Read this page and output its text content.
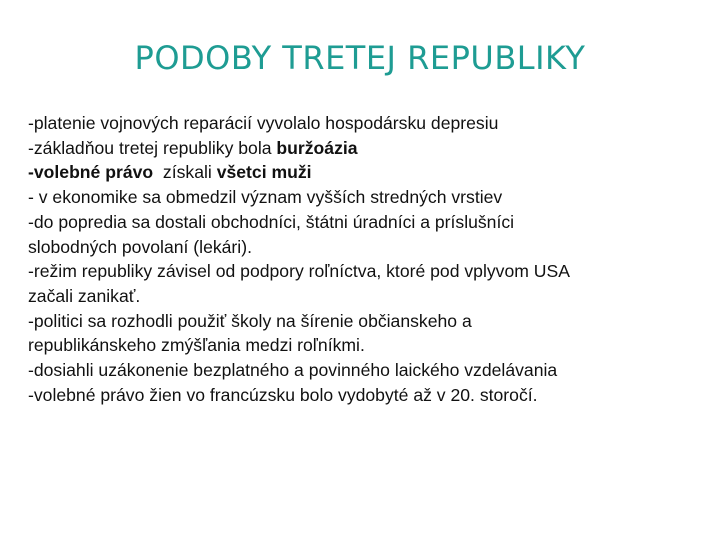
PODOBY TRETEJ REPUBLIKY
-platenie vojnových reparácií vyvolalo hospodársku depresiu
-základňou tretej republiky bola buržoázia
-volebné právo  získali všetci muži
- v ekonomike sa obmedzil význam vyšších stredných vrstiev
-do popredia sa dostali obchodníci, štátni úradníci a príslušníci
slobodných povolaní (lekári).
-režim republiky závisel od podpory roľníctva, ktoré pod vplyvom USA
začali zanikať.
-politici sa rozhodli použiť školy na šírenie občianskeho a
republikánskeho zmýšľania medzi roľníkmi.
-dosiahli uzákonenie bezplatného a povinného laického vzdelávania
-volebné právo žien vo francúzsku bolo vydobyté až v 20. storočí.
